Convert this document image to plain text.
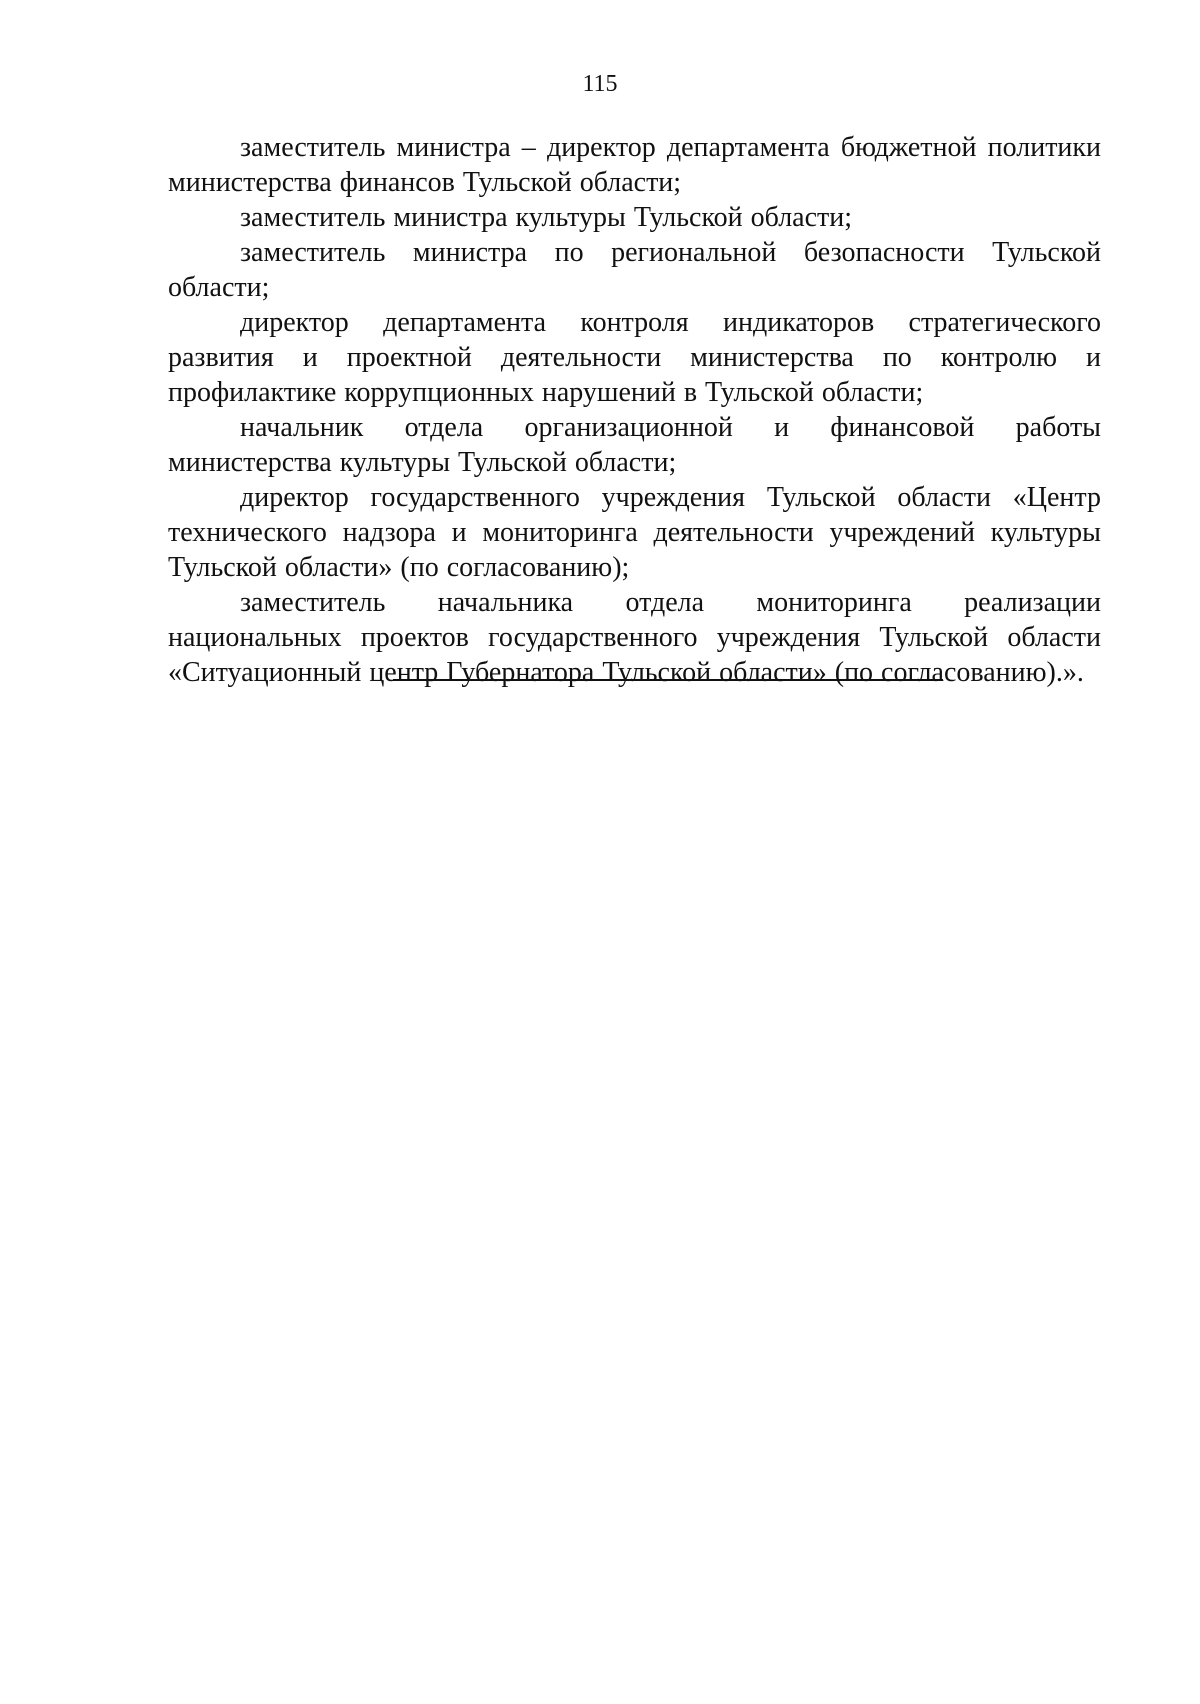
115

заместитель министра – директор департамента бюджетной политики министерства финансов Тульской области;

заместитель министра культуры Тульской области;

заместитель министра по региональной безопасности Тульской области;

директор департамента контроля индикаторов стратегического развития и проектной деятельности министерства по контролю и профилактике коррупционных нарушений в Тульской области;

начальник отдела организационной и финансовой работы министерства культуры Тульской области;

директор государственного учреждения Тульской области «Центр технического надзора и мониторинга деятельности учреждений культуры Тульской области» (по согласованию);

заместитель начальника отдела мониторинга реализации национальных проектов государственного учреждения Тульской области «Ситуационный центр Губернатора Тульской области» (по согласованию).».
